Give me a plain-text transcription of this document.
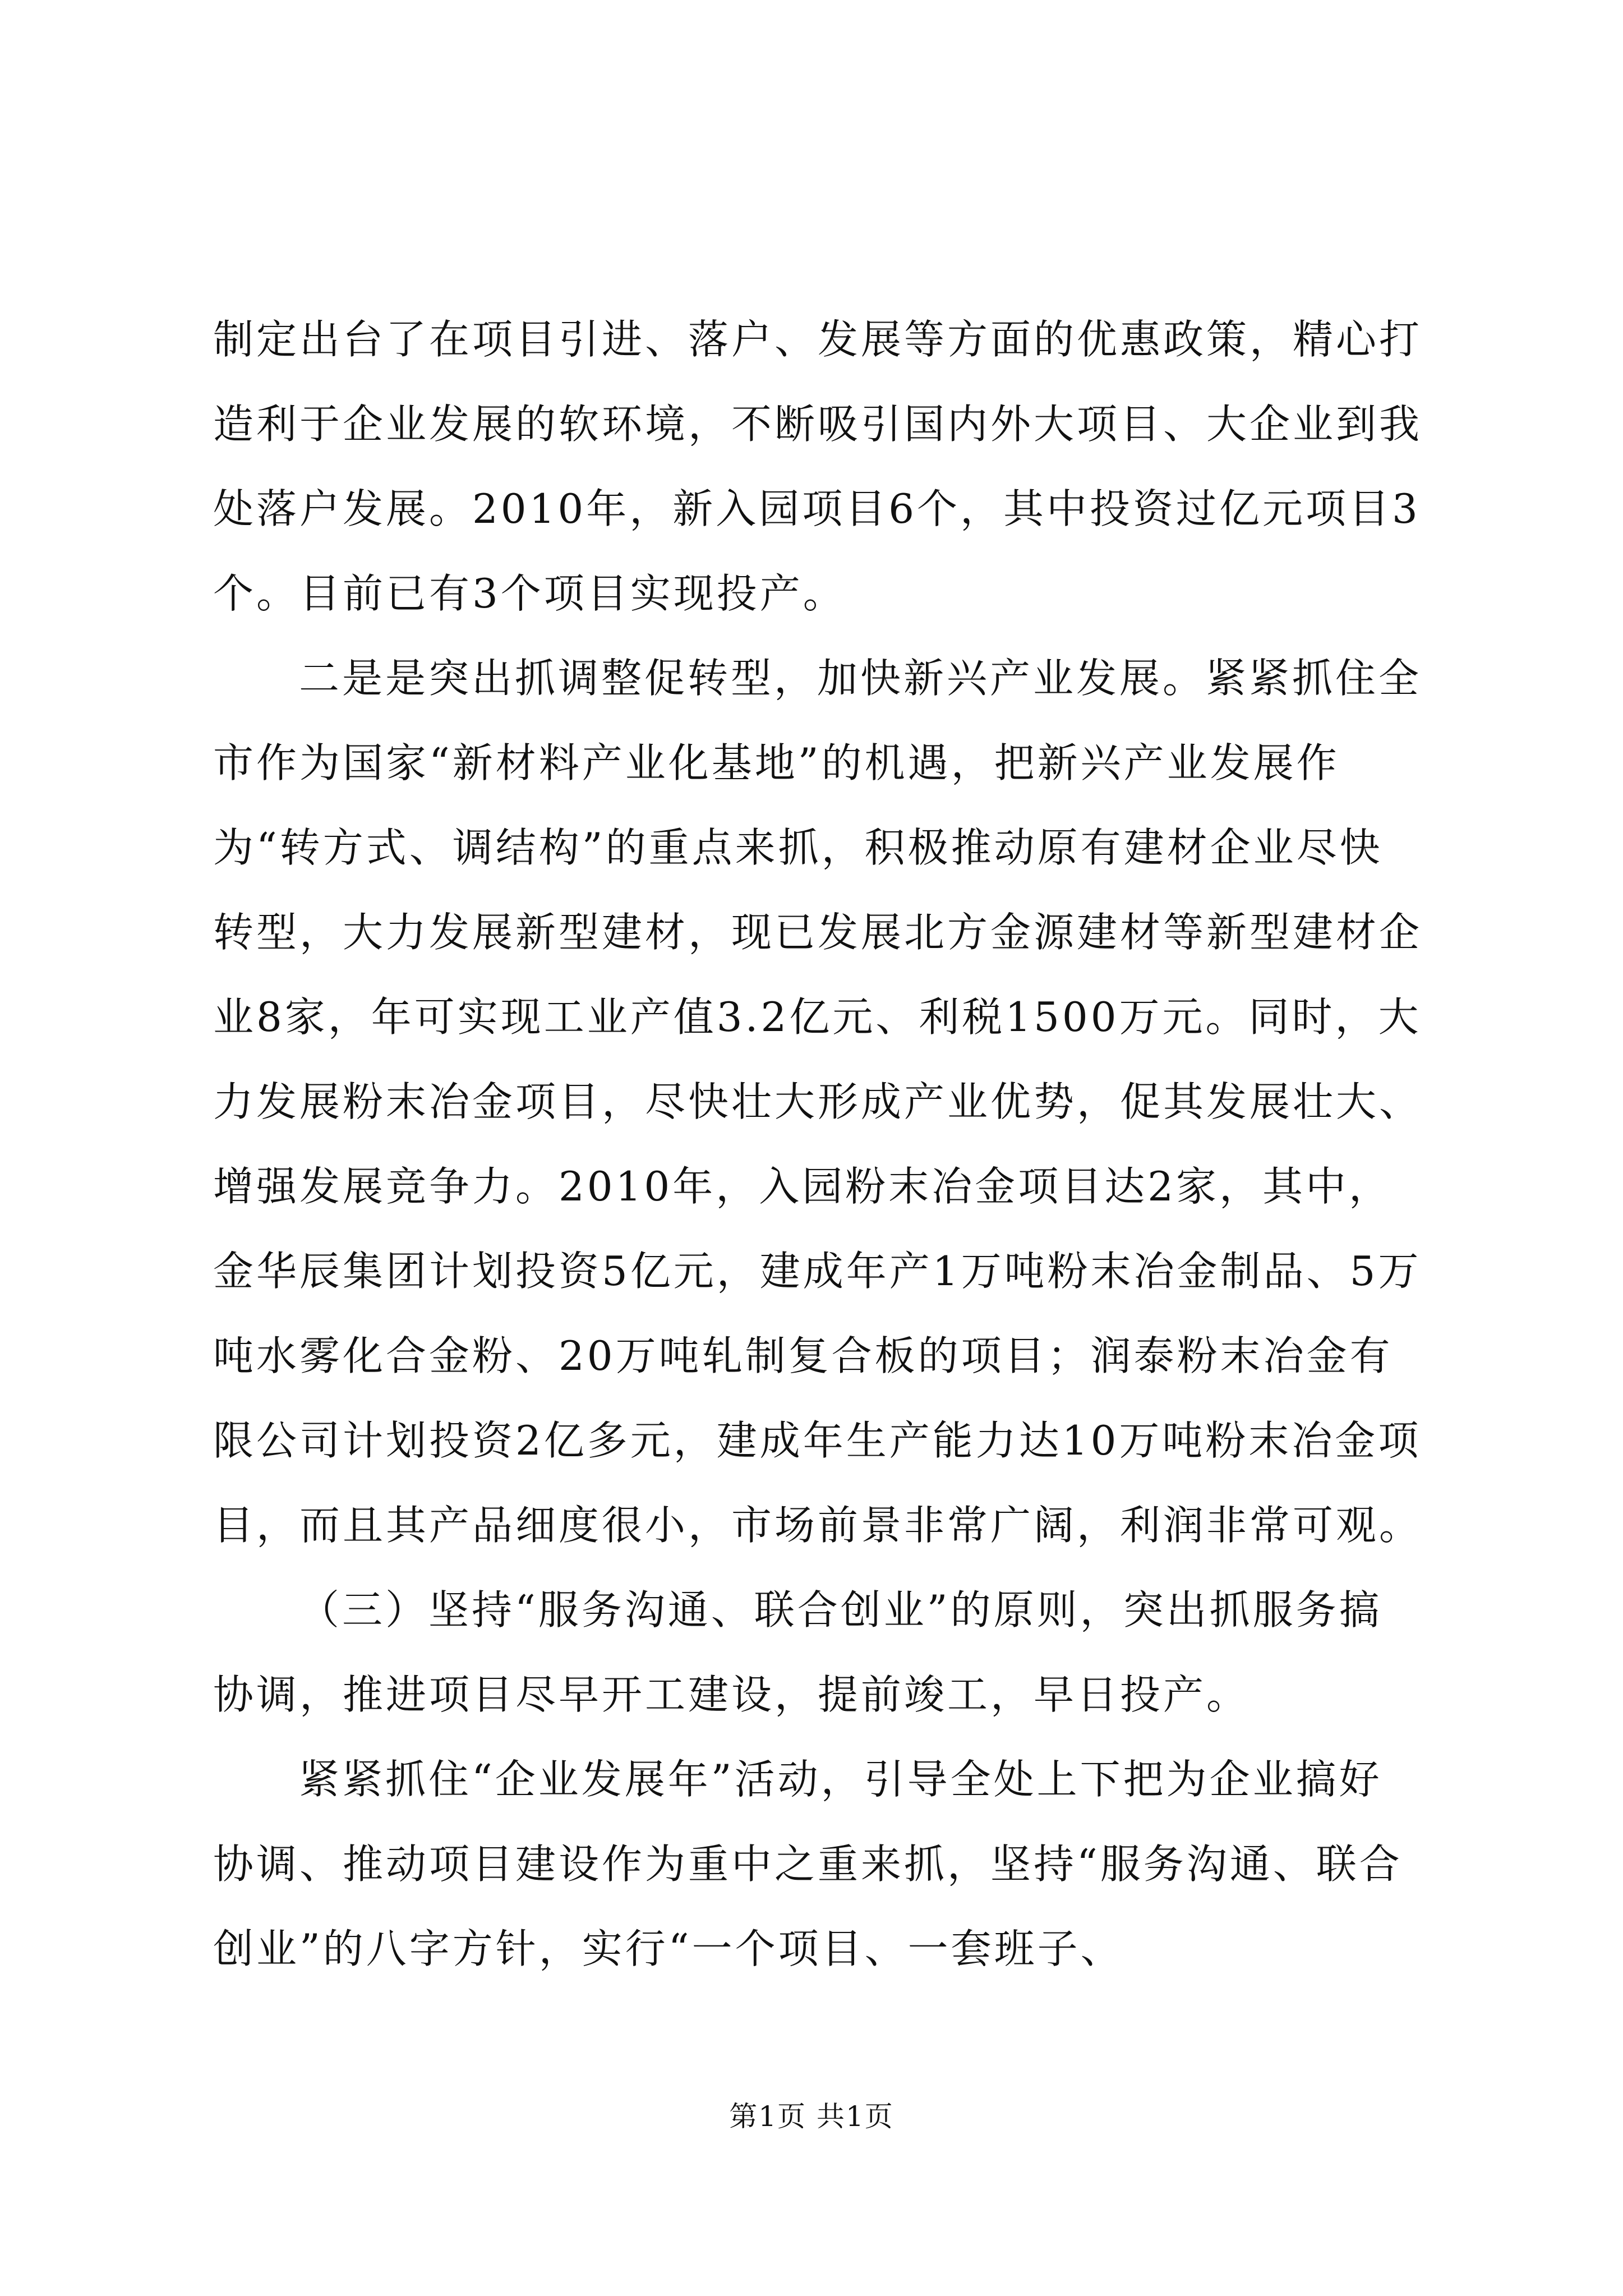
制定出台了在项目引进、落户、发展等方面的优惠政策，精心打造利于企业发展的软环境，不断吸引国内外大项目、大企业到我处落户发展。2010年，新入园项目6个，其中投资过亿元项目3个。目前已有3个项目实现投产。

二是是突出抓调整促转型，加快新兴产业发展。紧紧抓住全市作为国家“新材料产业化基地”的机遇，把新兴产业发展作为“转方式、调结构”的重点来抓，积极推动原有建材企业尽快转型，大力发展新型建材，现已发展北方金源建材等新型建材企业8家，年可实现工业产值3.2亿元、利税1500万元。同时，大力发展粉末冶金项目，尽快壮大形成产业优势，促其发展壮大、增强发展竞争力。2010年，入园粉末冶金项目达2家，其中，金华辰集团计划投资5亿元，建成年产1万吨粉末冶金制品、5万吨水雾化合金粉、20万吨轧制复合板的项目；润泰粉末冶金有限公司计划投资2亿多元，建成年生产能力达10万吨粉末冶金项目，而且其产品细度很小，市场前景非常广阔，利润非常可观。

（三）坚持“服务沟通、联合创业”的原则，突出抓服务搞协调，推进项目尽早开工建设，提前竣工，早日投产。

紧紧抓住“企业发展年”活动，引导全处上下把为企业搞好协调、推动项目建设作为重中之重来抓，坚持“服务沟通、联合创业”的八字方针，实行“一个项目、一套班子、

第1页 共1页
